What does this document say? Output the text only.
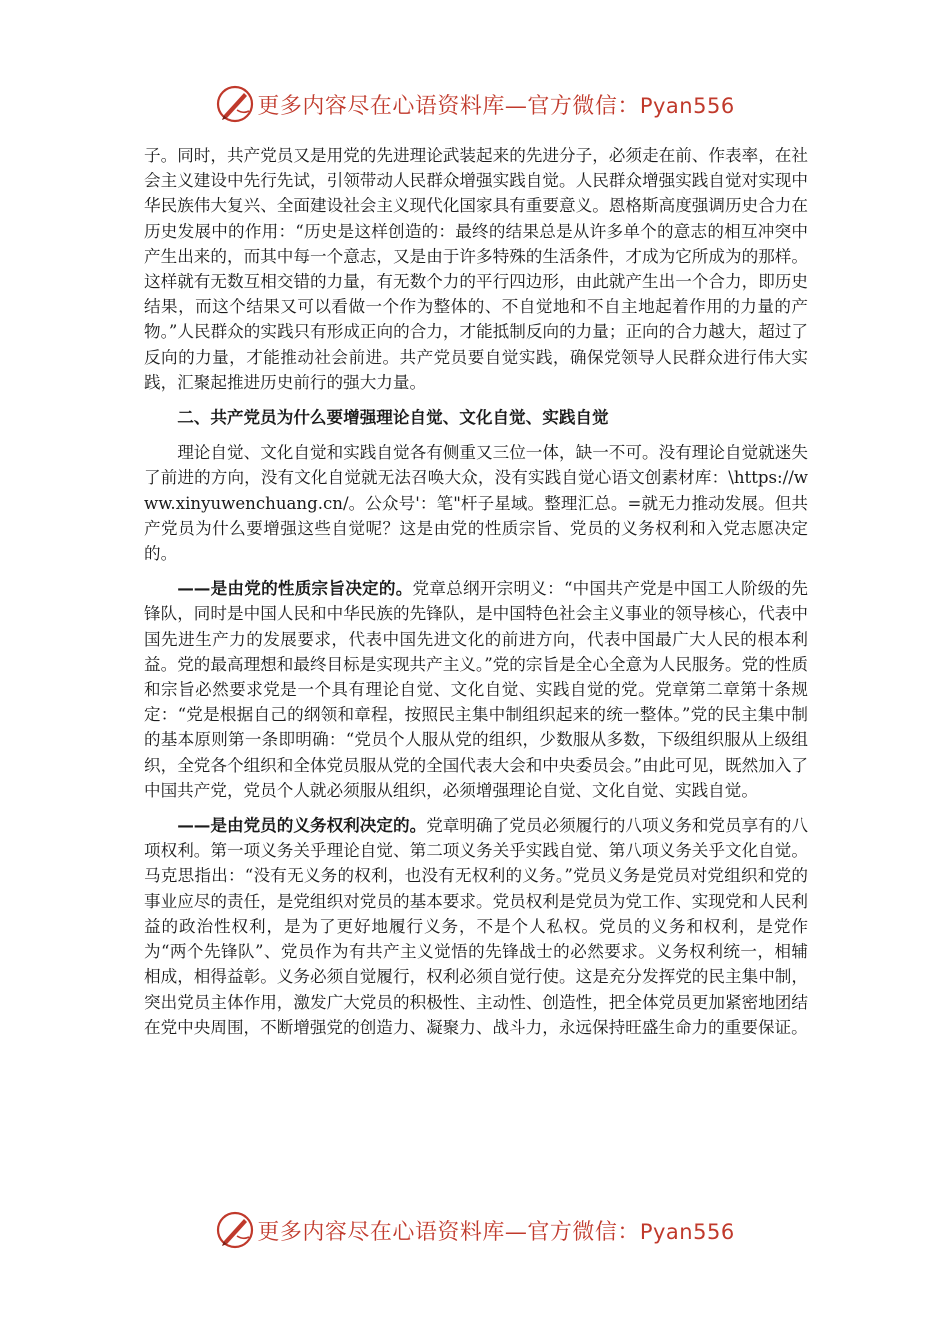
更多内容尽在心语资料库—官方微信：Pyan556

子。同时，共产党员又是用党的先进理论武装起来的先进分子，必须走在前、作表率，在社会主义建设中先行先试，引领带动人民群众增强实践自觉。人民群众增强实践自觉对实现中华民族伟大复兴、全面建设社会主义现代化国家具有重要意义。恩格斯高度强调历史合力在历史发展中的作用：“历史是这样创造的：最终的结果总是从许多单个的意志的相互冲突中产生出来的，而其中每一个意志，又是由于许多特殊的生活条件，才成为它所成为的那样。这样就有无数互相交错的力量，有无数个力的平行四边形，由此就产生出一个合力，即历史结果，而这个结果又可以看做一个作为整体的、不自觉地和不自主地起着作用的力量的产物。”人民群众的实践只有形成正向的合力，才能抵制反向的力量；正向的合力越大，超过了反向的力量，才能推动社会前进。共产党员要自觉实践，确保党领导人民群众进行伟大实践，汇聚起推进历史前行的强大力量。

二、共产党员为什么要增强理论自觉、文化自觉、实践自觉

理论自觉、文化自觉和实践自觉各有侧重又三位一体，缺一不可。没有理论自觉就迷失了前进的方向，没有文化自觉就无法召唤大众，没有实践自觉心语文创素材库：\https://www.xinyuwenchuang.cn/。公众号'：笔"杆子星域。整理汇总。=就无力推动发展。但共产党员为什么要增强这些自觉呢？这是由党的性质宗旨、党员的义务权利和入党志愿决定的。

——是由党的性质宗旨决定的。党章总纲开宗明义：“中国共产党是中国工人阶级的先锋队，同时是中国人民和中华民族的先锋队，是中国特色社会主义事业的领导核心，代表中国先进生产力的发展要求，代表中国先进文化的前进方向，代表中国最广大人民的根本利益。党的最高理想和最终目标是实现共产主义。”党的宗旨是全心全意为人民服务。党的性质和宗旨必然要求党是一个具有理论自觉、文化自觉、实践自觉的党。党章第二章第十条规定：“党是根据自己的纲领和章程，按照民主集中制组织起来的统一整体。”党的民主集中制的基本原则第一条即明确：“党员个人服从党的组织，少数服从多数，下级组织服从上级组织，全党各个组织和全体党员服从党的全国代表大会和中央委员会。”由此可见，既然加入了中国共产党，党员个人就必须服从组织，必须增强理论自觉、文化自觉、实践自觉。

——是由党员的义务权利决定的。党章明确了党员必须履行的八项义务和党员享有的八项权利。第一项义务关乎理论自觉、第二项义务关乎实践自觉、第八项义务关乎文化自觉。马克思指出：“没有无义务的权利，也没有无权利的义务。”党员义务是党员对党组织和党的事业应尽的责任，是党组织对党员的基本要求。党员权利是党员为党工作、实现党和人民利益的政治性权利，是为了更好地履行义务，不是个人私权。党员的义务和权利，是党作为“两个先锋队”、党员作为有共产主义觉悟的先锋战士的必然要求。义务权利统一，相辅相成，相得益彰。义务必须自觉履行，权利必须自觉行使。这是充分发挥党的民主集中制，突出党员主体作用，激发广大党员的积极性、主动性、创造性，把全体党员更加紧密地团结在党中央周围，不断增强党的创造力、凝聚力、战斗力，永远保持旺盛生命力的重要保证。

更多内容尽在心语资料库—官方微信：Pyan556
